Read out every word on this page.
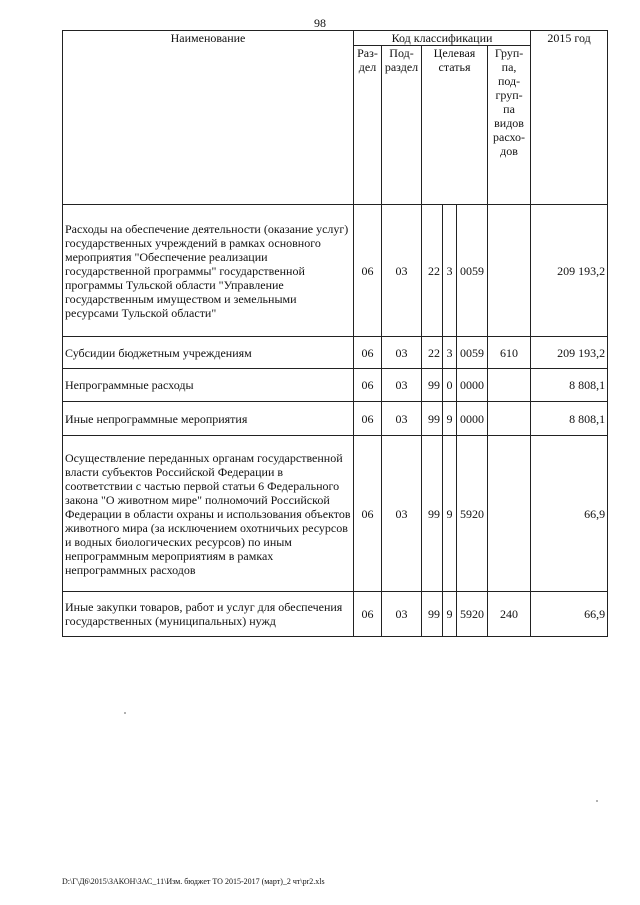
98
Наименование	Код классификации						2015 год

	Раз- дел	Под- раздел	Целевая статья			Груп- па, под- груп- па видов расхо- дов	

Расходы на обеспечение деятельности (оказание услуг) государственных учреждений в рамках основного мероприятия "Обеспечение реализации государственной программы" государственной программы Тульской области "Управление государственным имуществом и земельными ресурсами Тульской области"	06	03	22	3	0059		209 193,2
Субсидии бюджетным учреждениям	06	03	22	3	0059	610	209 193,2
Непрограммные расходы	06	03	99	0	0000		8 808,1
Иные непрограммные мероприятия	06	03	99	9	0000		8 808,1
Осуществление переданных органам государственной власти субъектов Российской Федерации в соответствии с частью первой статьи 6 Федерального закона "О животном мире" полномочий Российской Федерации в области охраны и использования объектов животного мира (за исключением охотничьих ресурсов и водных биологических ресурсов) по иным непрограммным мероприятиям в рамках непрограммных расходов	06	03	99	9	5920		66,9
Иные закупки товаров, работ и услуг для обеспечения государственных (муниципальных) нужд	06	03	99	9	5920	240	66,9
D:\Г\Д6\2015\ЗАКОН\ЗАС_11\Изм. бюджет ТО 2015-2017 (март)_2 чт\pr2.xls
